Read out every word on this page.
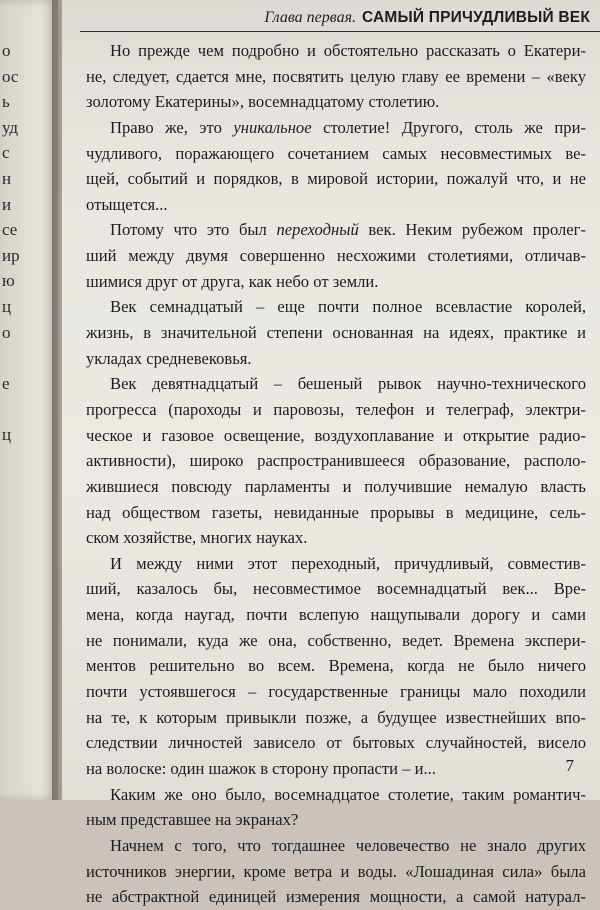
о
ос
ь
уд
с
н
и
се
ир
ю
ц
о

е

ц

Глава первая. САМЫЙ ПРИЧУДЛИВЫЙ ВЕК
Но прежде чем подробно и обстоятельно рассказать о Екатери-
не, следует, сдается мне, посвятить целую главу ее времени – «веку
золотому Екатерины», восемнадцатому столетию.
Право же, это уникальное столетие! Другого, столь же при-
чудливого, поражающего сочетанием самых несовместимых ве-
щей, событий и порядков, в мировой истории, пожалуй что, и не
отыщется...
Потому что это был переходный век. Неким рубежом пролег-
ший между двумя совершенно несхожими столетиями, отличав-
шимися друг от друга, как небо от земли.
Век семнадцатый – еще почти полное всевластие королей,
жизнь, в значительной степени основанная на идеях, практике и
укладах средневековья.
Век девятнадцатый – бешеный рывок научно-технического
прогресса (пароходы и паровозы, телефон и телеграф, электри-
ческое и газовое освещение, воздухоплавание и открытие радио-
активности), широко распространившееся образование, располо-
жившиеся повсюду парламенты и получившие немалую власть
над обществом газеты, невиданные прорывы в медицине, сель-
ском хозяйстве, многих науках.
И между ними этот переходный, причудливый, совместив-
ший, казалось бы, несовместимое восемнадцатый век... Вре-
мена, когда наугад, почти вслепую нащупывали дорогу и сами
не понимали, куда же она, собственно, ведет. Времена экспери-
ментов решительно во всем. Времена, когда не было ничего
почти устоявшегося – государственные границы мало походили
на те, к которым привыкли позже, а будущее известнейших впо-
следствии личностей зависело от бытовых случайностей, висело
на волоске: один шажок в сторону пропасти – и...
Каким же оно было, восемнадцатое столетие, таким романтич-
ным представшее на экранах?
Начнем с того, что тогдашнее человечество не знало других
источников энергии, кроме ветра и воды. «Лошадиная сила» была
не абстрактной единицей измерения мощности, а самой натурал-
7
